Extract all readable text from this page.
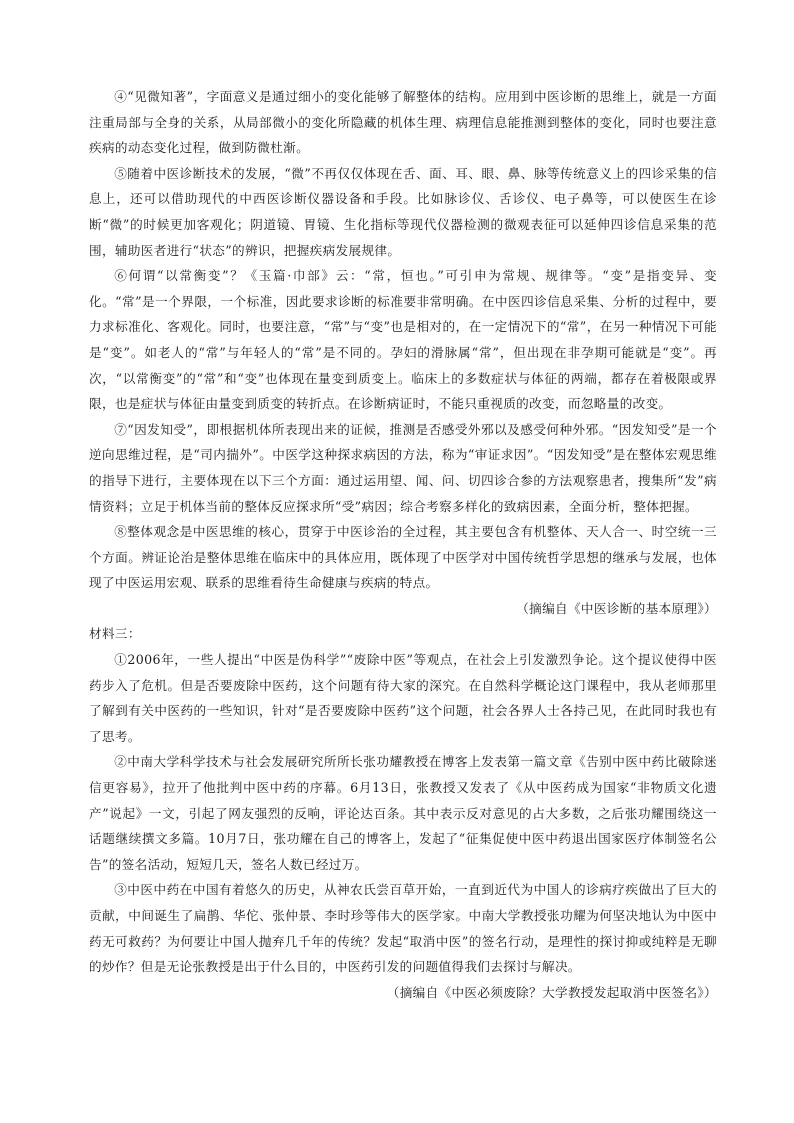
④“见微知著”，字面意义是通过细小的变化能够了解整体的结构。应用到中医诊断的思维上，就是一方面注重局部与全身的关系，从局部微小的变化所隐藏的机体生理、病理信息能推测到整体的变化，同时也要注意疾病的动态变化过程，做到防微杜渐。

⑤随着中医诊断技术的发展，“微”不再仅仅体现在舌、面、耳、眼、鼻、脉等传统意义上的四诊采集的信息上，还可以借助现代的中西医诊断仪器设备和手段。比如脉诊仪、舌诊仪、电子鼻等，可以使医生在诊断“微”的时候更加客观化；阴道镜、胃镜、生化指标等现代仪器检测的微观表征可以延伸四诊信息采集的范围，辅助医者进行“状态”的辨识，把握疾病发展规律。

⑥何谓“以常衡变”？《玉篇·巾部》云：“常，恒也。”可引申为常规、规律等。“变”是指变异、变化。“常”是一个界限，一个标准，因此要求诊断的标准要非常明确。在中医四诊信息采集、分析的过程中，要力求标准化、客观化。同时，也要注意，“常”与“变”也是相对的，在一定情况下的“常”，在另一种情况下可能是“变”。如老人的“常”与年轻人的“常”是不同的。孕妇的滑脉属“常”，但出现在非孕期可能就是“变”。再次，“以常衡变”的“常”和“变”也体现在量变到质变上。临床上的多数症状与体征的两端，都存在着极限或界限，也是症状与体征由量变到质变的转折点。在诊断病证时，不能只重视质的改变，而忽略量的改变。

⑦“因发知受”，即根据机体所表现出来的证候，推测是否感受外邪以及感受何种外邪。“因发知受”是一个逆向思维过程，是“司内揣外”。中医学这种探求病因的方法，称为“审证求因”。“因发知受”是在整体宏观思维的指导下进行，主要体现在以下三个方面：通过运用望、闻、问、切四诊合参的方法观察患者，搜集所“发”病情资料；立足于机体当前的整体反应探求所“受”病因；综合考察多样化的致病因素，全面分析，整体把握。

⑧整体观念是中医思维的核心，贯穿于中医诊治的全过程，其主要包含有机整体、天人合一、时空统一三个方面。辨证论治是整体思维在临床中的具体应用，既体现了中医学对中国传统哲学思想的继承与发展，也体现了中医运用宏观、联系的思维看待生命健康与疾病的特点。

（摘编自《中医诊断的基本原理》）

材料三：

①2006年，一些人提出“中医是伪科学”“废除中医”等观点，在社会上引发激烈争论。这个提议使得中医药步入了危机。但是否要废除中医药，这个问题有待大家的深究。在自然科学概论这门课程中，我从老师那里了解到有关中医药的一些知识，针对“是否要废除中医药”这个问题，社会各界人士各持己见，在此同时我也有了思考。

②中南大学科学技术与社会发展研究所所长张功耀教授在博客上发表第一篇文章《告别中医中药比破除迷信更容易》，拉开了他批判中医中药的序幕。6月13日，张教授又发表了《从中医药成为国家“非物质文化遗产”说起》一文，引起了网友强烈的反响，评论达百条。其中表示反对意见的占大多数，之后张功耀围绕这一话题继续撰文多篇。10月7日，张功耀在自己的博客上，发起了“征集促使中医中药退出国家医疗体制签名公告”的签名活动，短短几天，签名人数已经过万。

③中医中药在中国有着悠久的历史，从神农氏尝百草开始，一直到近代为中国人的诊病疗疾做出了巨大的贡献，中间诞生了扁鹊、华佗、张仲景、李时珍等伟大的医学家。中南大学教授张功耀为何坚决地认为中医中药无可救药？为何要让中国人抛弃几千年的传统？发起“取消中医”的签名行动，是理性的探讨抑或纯粹是无聊的炒作？但是无论张教授是出于什么目的，中医药引发的问题值得我们去探讨与解决。

（摘编自《中医必须废除？大学教授发起取消中医签名》）
